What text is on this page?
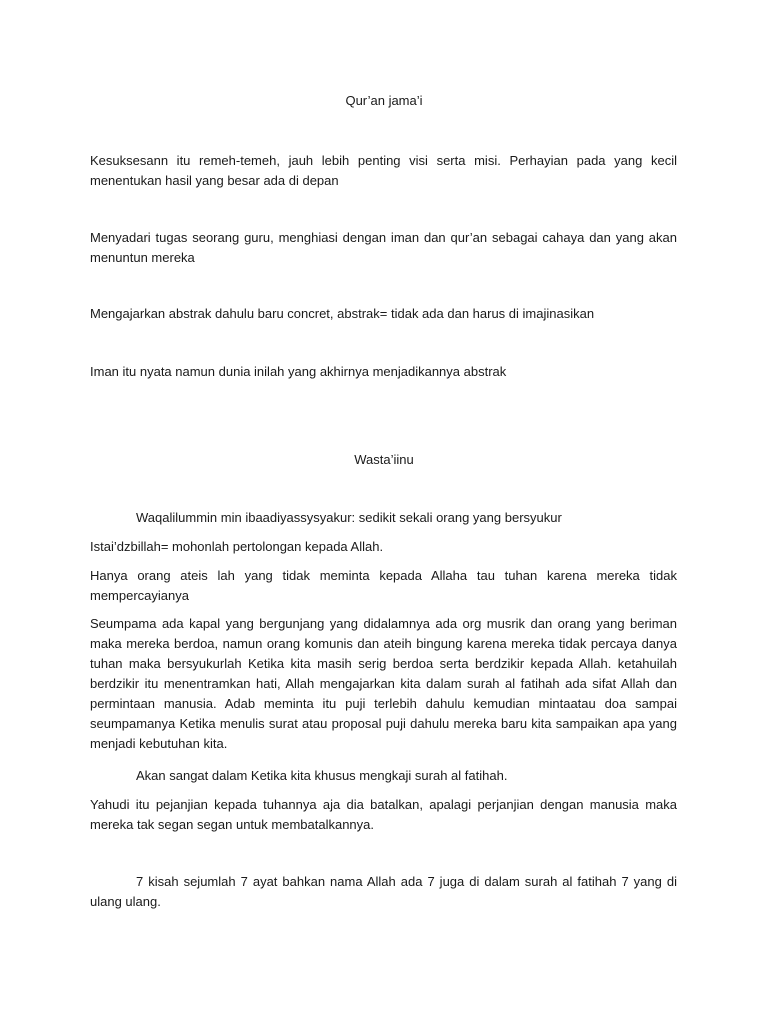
Qur’an jama’i

Kesuksesann itu remeh-temeh, jauh lebih penting visi serta misi. Perhayian pada yang kecil menentukan hasil yang besar ada di depan

Menyadari tugas seorang guru, menghiasi dengan iman dan qur’an sebagai cahaya dan yang akan menuntun mereka

Mengajarkan abstrak dahulu baru concret, abstrak= tidak ada dan harus di imajinasikan

Iman itu nyata namun dunia inilah yang akhirnya menjadikannya abstrak

Wasta’iinu

Waqalilummin min ibaadiyassysyakur: sedikit sekali orang yang bersyukur

Istai’dzbillah= mohonlah pertolongan kepada Allah.

Hanya orang ateis lah yang tidak meminta kepada Allaha tau tuhan karena mereka tidak mempercayianya

Seumpama ada kapal yang bergunjang yang didalamnya ada org musrik dan orang yang beriman maka mereka berdoa, namun orang komunis dan ateih bingung karena mereka tidak percaya danya tuhan maka bersyukurlah Ketika kita masih serig berdoa serta berdzikir kepada Allah. ketahuilah berdzikir itu menentramkan hati, Allah mengajarkan kita dalam surah al fatihah ada sifat Allah dan permintaan manusia. Adab meminta itu puji terlebih dahulu kemudian mintaatau doa sampai seumpamanya Ketika menulis surat atau proposal puji dahulu mereka baru kita sampaikan apa yang menjadi kebutuhan kita.

Akan sangat dalam Ketika kita khusus mengkaji surah al fatihah.

Yahudi itu pejanjian kepada tuhannya aja dia batalkan, apalagi perjanjian dengan manusia maka mereka tak segan segan untuk membatalkannya.

7 kisah sejumlah 7 ayat bahkan nama Allah ada 7 juga di dalam surah al fatihah 7 yang di ulang ulang.
